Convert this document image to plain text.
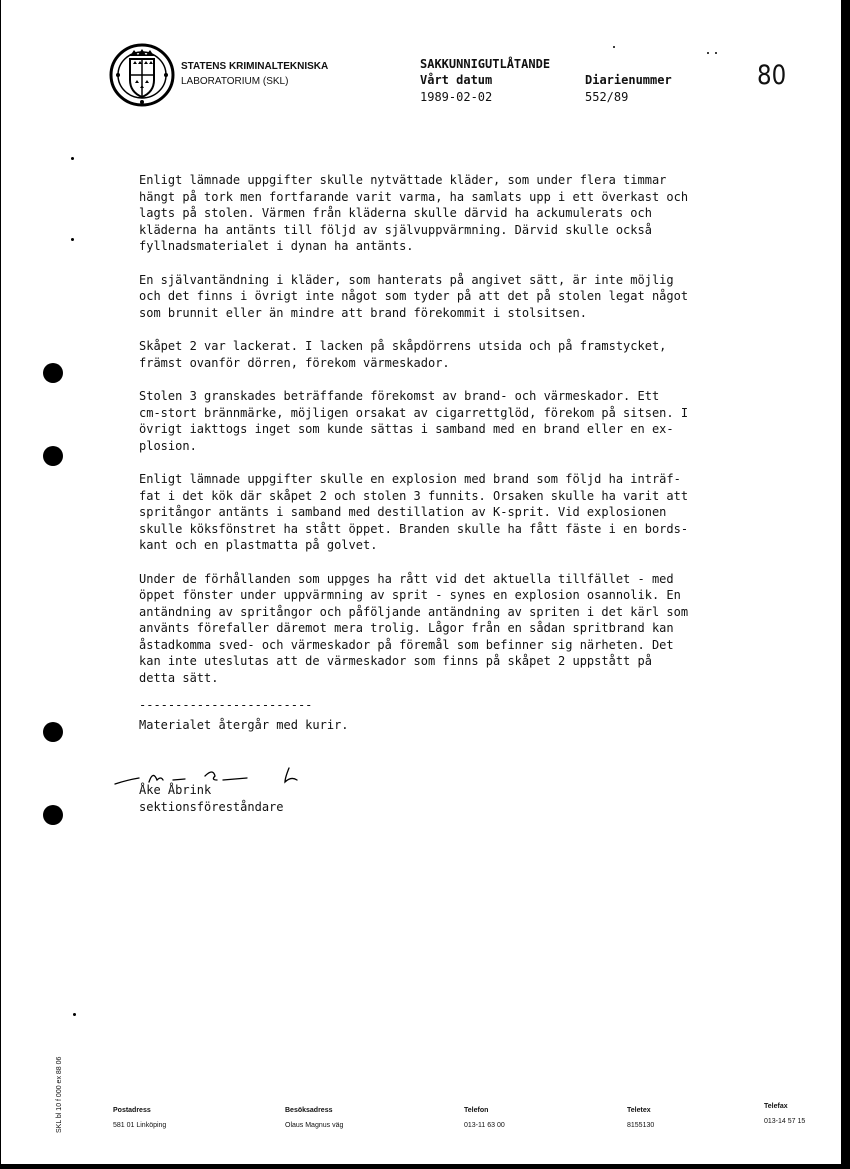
STATENS KRIMINALTEKNISKA
LABORATORIUM (SKL)
SAKKUNNIGUTLÅTANDE
Vårt datum
1989-02-02
Diarienummer
552/89
80

Enligt lämnade uppgifter skulle nytvättade kläder, som under flera timmar
hängt på tork men fortfarande varit varma, ha samlats upp i ett överkast och
lagts på stolen. Värmen från kläderna skulle därvid ha ackumulerats och
kläderna ha antänts till följd av självuppvärmning. Därvid skulle också
fyllnadsmaterialet i dynan ha antänts.

En självantändning i kläder, som hanterats på angivet sätt, är inte möjlig
och det finns i övrigt inte något som tyder på att det på stolen legat något
som brunnit eller än mindre att brand förekommit i stolsitsen.

Skåpet 2 var lackerat. I lacken på skåpdörrens utsida och på framstycket,
främst ovanför dörren, förekom värmeskador.

Stolen 3 granskades beträffande förekomst av brand- och värmeskador. Ett
cm-stort brännmärke, möjligen orsakat av cigarrettglöd, förekom på sitsen. I
övrigt iakttogs inget som kunde sättas i samband med en brand eller en ex-
plosion.

Enligt lämnade uppgifter skulle en explosion med brand som följd ha inträf-
fat i det kök där skåpet 2 och stolen 3 funnits. Orsaken skulle ha varit att
spritångor antänts i samband med destillation av K-sprit. Vid explosionen
skulle köksfönstret ha stått öppet. Branden skulle ha fått fäste i en bords-
kant och en plastmatta på golvet.

Under de förhållanden som uppges ha rått vid det aktuella tillfället - med
öppet fönster under uppvärmning av sprit - synes en explosion osannolik. En
antändning av spritångor och påföljande antändning av spriten i det kärl som
använts förefaller däremot mera trolig. Lågor från en sådan spritbrand kan
åstadkomma sved- och värmeskador på föremål som befinner sig närheten. Det
kan inte uteslutas att de värmeskador som finns på skåpet 2 uppstått på
detta sätt.

------------------------
Materialet återgår med kurir.
Åke Åbrink
sektionsföreståndare
SKL bl 10 f 000 ex 88 06	Postadress
581 01 Linköping
Besöksadress
Olaus Magnus väg
Telefon
013-11 63 00
Teletex
8155130
Telefax
013-14 57 15
